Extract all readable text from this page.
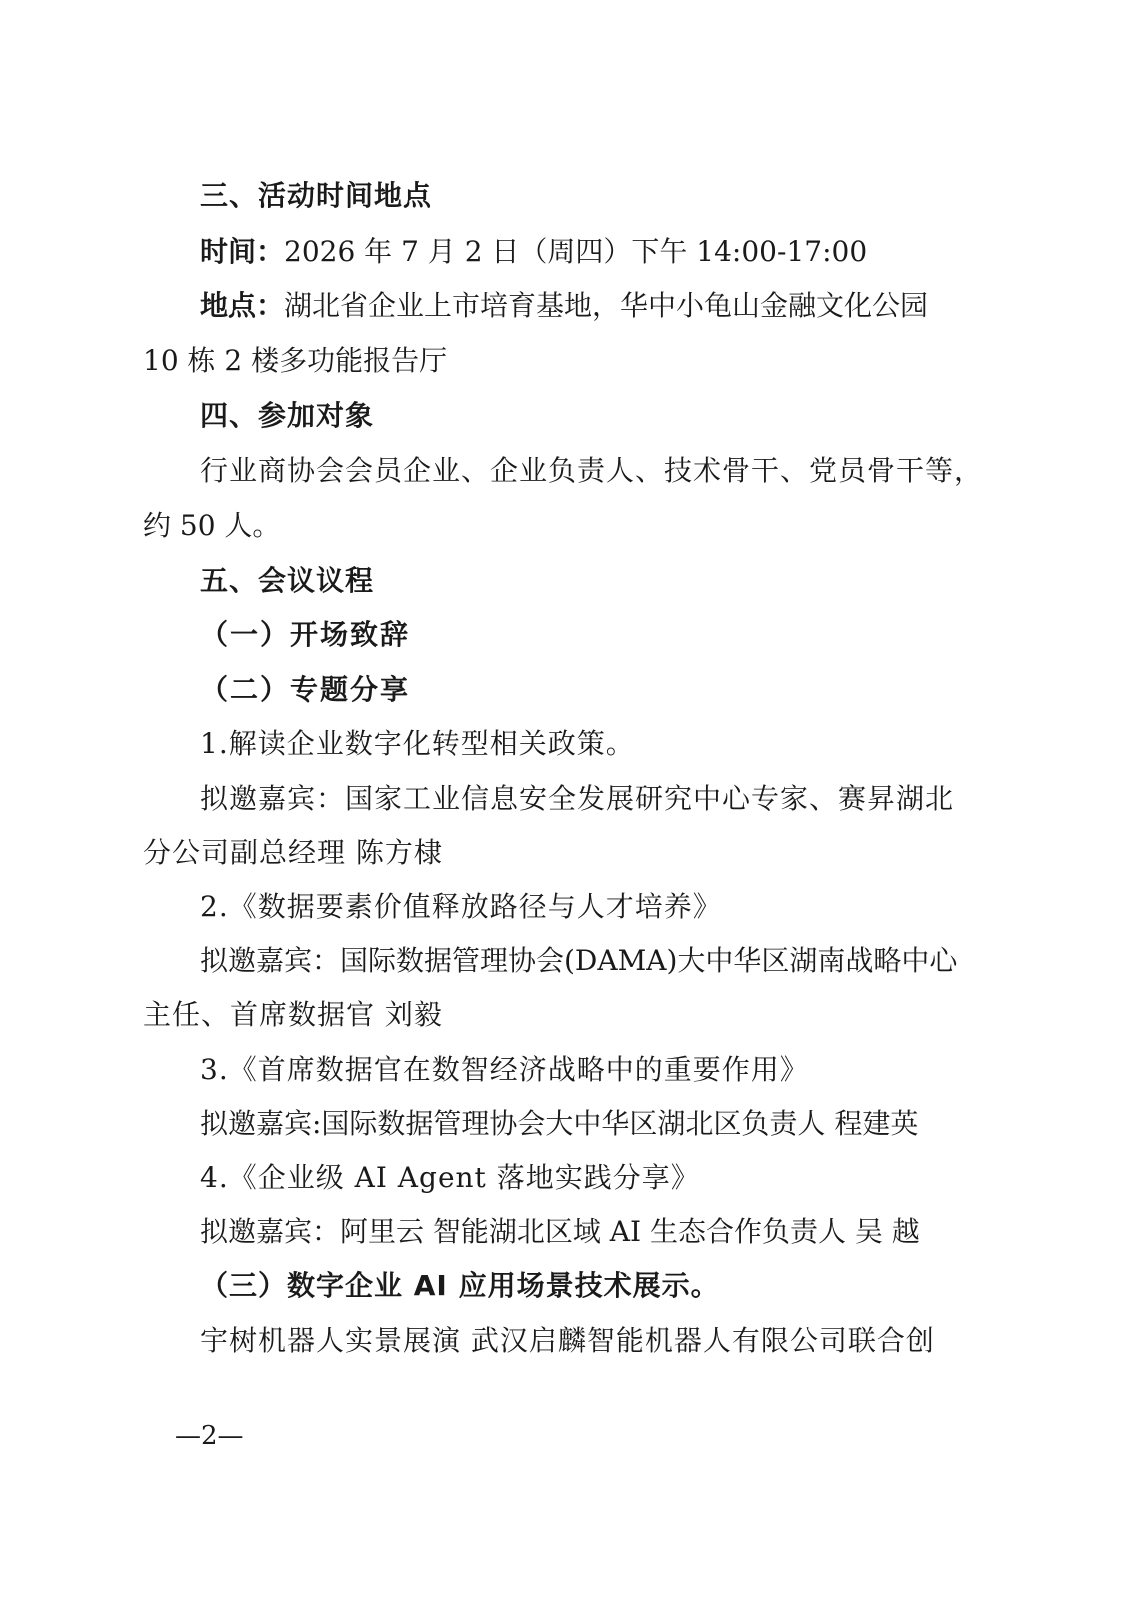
三、活动时间地点
时间：2026 年 7 月 2 日（周四）下午 14:00-17:00
地点：湖北省企业上市培育基地，华中小龟山金融文化公园
10 栋 2 楼多功能报告厅
四、参加对象
行业商协会会员企业、企业负责人、技术骨干、党员骨干等，
约 50 人。
五、会议议程
（一）开场致辞
（二）专题分享
1.解读企业数字化转型相关政策。
拟邀嘉宾：国家工业信息安全发展研究中心专家、赛昇湖北
分公司副总经理 陈方棣
2.《数据要素价值释放路径与人才培养》
拟邀嘉宾：国际数据管理协会(DAMA)大中华区湖南战略中心
主任、首席数据官 刘毅
3.《首席数据官在数智经济战略中的重要作用》
拟邀嘉宾:国际数据管理协会大中华区湖北区负责人 程建英
4.《企业级 AI Agent 落地实践分享》
拟邀嘉宾：阿里云 智能湖北区域 AI 生态合作负责人 吴 越
（三）数字企业 AI 应用场景技术展示。
宇树机器人实景展演 武汉启麟智能机器人有限公司联合创
—2—
